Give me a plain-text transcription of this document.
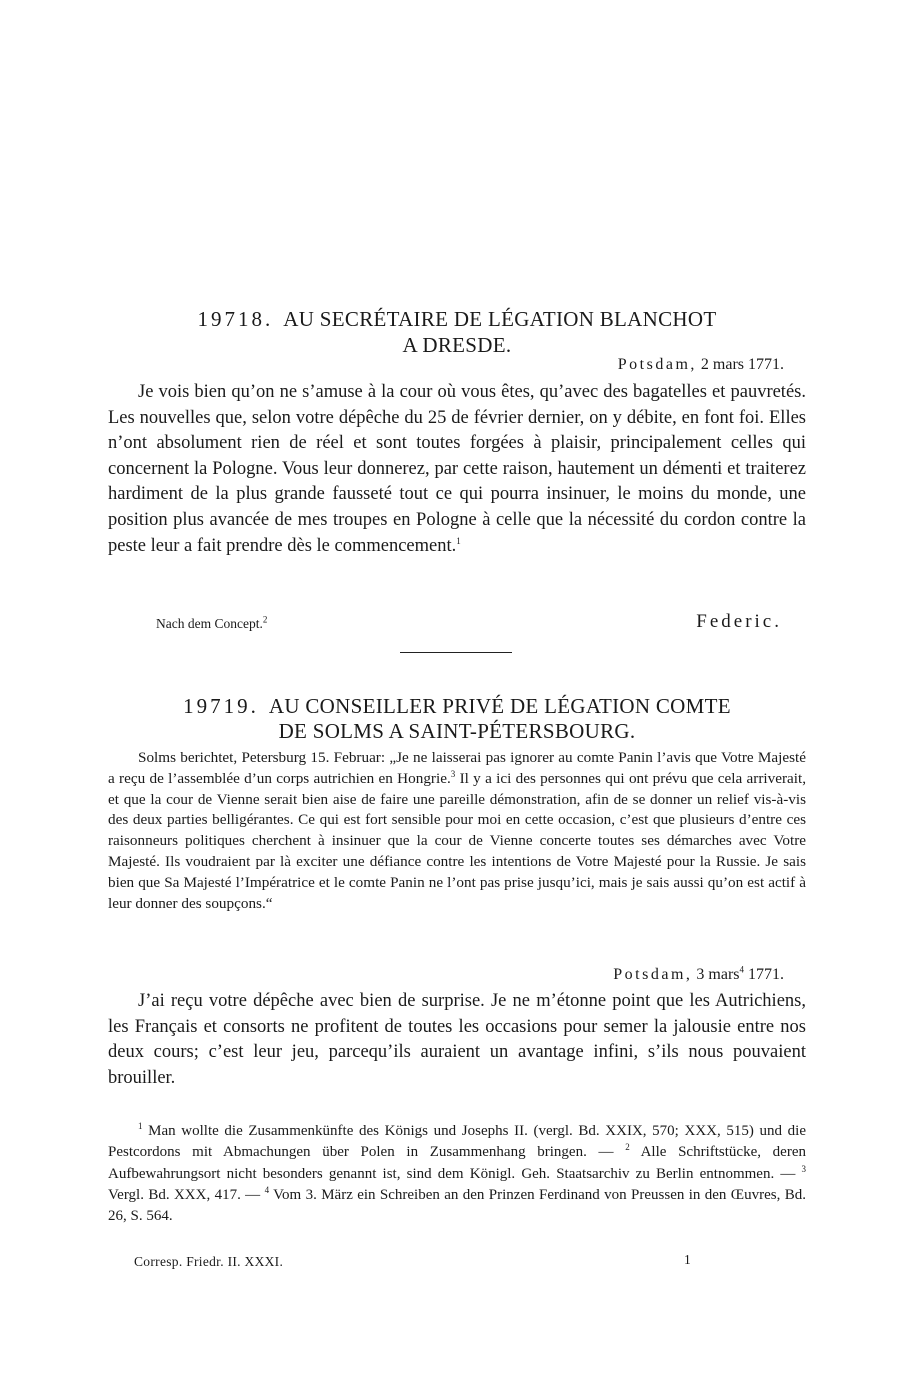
19718. AU SECRÉTAIRE DE LÉGATION BLANCHOT
A DRESDE.
Potsdam, 2 mars 1771.

Je vois bien qu’on ne s’amuse à la cour où vous êtes, qu’avec des bagatelles et pauvretés. Les nouvelles que, selon votre dépêche du 25 de février dernier, on y débite, en font foi. Elles n’ont absolument rien de réel et sont toutes forgées à plaisir, principalement celles qui concernent la Pologne. Vous leur donnerez, par cette raison, hautement un démenti et traiterez hardiment de la plus grande fausseté tout ce qui pourra insinuer, le moins du monde, une position plus avancée de mes troupes en Pologne à celle que la nécessité du cordon contre la peste leur a fait prendre dès le commencement.$^1$

Nach dem Concept.$^2$	Federic.
19719. AU CONSEILLER PRIVÉ DE LÉGATION COMTE
DE SOLMS A SAINT-PÉTERSBOURG.

Solms berichtet, Petersburg 15. Februar: „Je ne laisserai pas ignorer au comte Panin l’avis que Votre Majesté a reçu de l’assemblée d’un corps autrichien en Hongrie.$^3$ Il y a ici des personnes qui ont prévu que cela arriverait, et que la cour de Vienne serait bien aise de faire une pareille démonstration, afin de se donner un relief vis-à-vis des deux parties belligérantes. Ce qui est fort sensible pour moi en cette occasion, c’est que plusieurs d’entre ces raisonneurs politiques cherchent à insinuer que la cour de Vienne concerte toutes ses démarches avec Votre Majesté. Ils voudraient par là exciter une défiance contre les intentions de Votre Majesté pour la Russie. Je sais bien que Sa Majesté l’Impératrice et le comte Panin ne l’ont pas prise jusqu’ici, mais je sais aussi qu’on est actif à leur donner des soupçons.“

Potsdam, 3 mars$^4$ 1771.

J’ai reçu votre dépêche avec bien de surprise. Je ne m’étonne point que les Autrichiens, les Français et consorts ne profitent de toutes les occasions pour semer la jalousie entre nos deux cours; c’est leur jeu, parcequ’ils auraient un avantage infini, s’ils nous pouvaient brouiller.

$^1$ Man wollte die Zusammenkünfte des Königs und Josephs II. (vergl. Bd. XXIX, 570; XXX, 515) und die Pestcordons mit Abmachungen über Polen in Zusammenhang bringen. — $^2$ Alle Schriftstücke, deren Aufbewahrungsort nicht besonders genannt ist, sind dem Königl. Geh. Staatsarchiv zu Berlin entnommen. — $^3$ Vergl. Bd. XXX, 417. — $^4$ Vom 3. März ein Schreiben an den Prinzen Ferdinand von Preussen in den Œuvres, Bd. 26, S. 564.

Corresp. Friedr. II. XXXI.	1
